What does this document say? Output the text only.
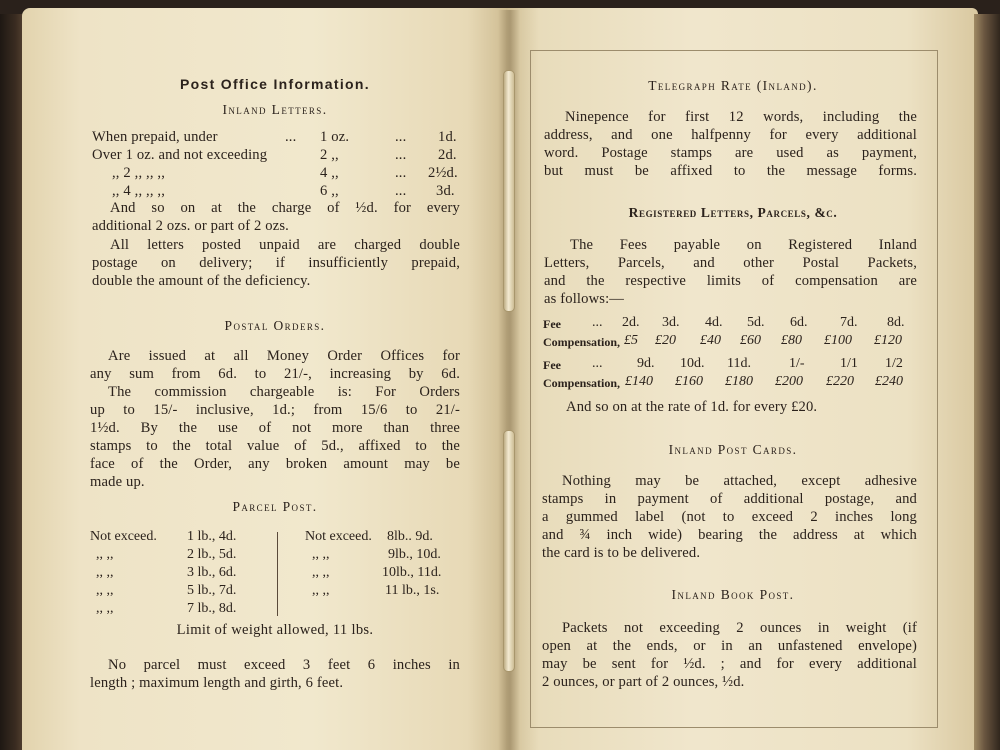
Post Office Information.
Inland Letters.
When prepaid, under	... 1 oz.	... 1d.
Over 1 oz. and not exceeding	2 ,,	... 2d.
,, 2 ,, ,, ,,	4 ,,	... 2½d.
,, 4 ,, ,, ,,	6 ,,	... 3d.
And so on at the charge of ½d. for every
additional 2 ozs. or part of 2 ozs.
All letters posted unpaid are charged double
postage on delivery; if insufficiently prepaid,
double the amount of the deficiency.
Postal Orders.
Are issued at all Money Order Offices for
any sum from 6d. to 21/-, increasing by 6d.
The commission chargeable is: For Orders
up to 15/- inclusive, 1d.; from 15/6 to 21/-
1½d. By the use of not more than three
stamps to the total value of 5d., affixed to the
face of the Order, any broken amount may be
made up.
Parcel Post.
Not exceed. 1 lb., 4d.
,, ,,	2 lb., 5d.
,, ,,	3 lb., 6d.
,, ,,	5 lb., 7d.
,, ,,	7 lb., 8d.
Not exceed. 8lb.. 9d.
,, ,,	9lb., 10d.
,, ,,	10lb., 11d.
,, ,,	11 lb., 1s.
Limit of weight allowed, 11 lbs.
No parcel must exceed 3 feet 6 inches in
length ; maximum length and girth, 6 feet.
Telegraph Rate (Inland).
Ninepence for first 12 words, including the
address, and one halfpenny for every additional
word. Postage stamps are used as payment,
but must be affixed to the message forms.
Registered Letters, Parcels, &c.
The Fees payable on Registered Inland
Letters, Parcels, and other Postal Packets,
and the respective limits of compensation are
as follows:—
Fee ... 2d. 3d. 4d. 5d. 6d. 7d. 8d.
Compensation, £5 £20 £40 £60 £80 £100 £120
Fee ... 9d. 10d. 11d.	1/-	1/1 1/2
Compensation, £140 £160 £180 £200 £220 £240
And so on at the rate of 1d. for every £20.
Inland Post Cards.
Nothing may be attached, except adhesive
stamps in payment of additional postage, and
a gummed label (not to exceed 2 inches long
and ¾ inch wide) bearing the address at which
the card is to be delivered.
Inland Book Post.
Packets not exceeding 2 ounces in weight (if
open at the ends, or in an unfastened envelope)
may be sent for ½d. ; and for every additional
2 ounces, or part of 2 ounces, ½d.
